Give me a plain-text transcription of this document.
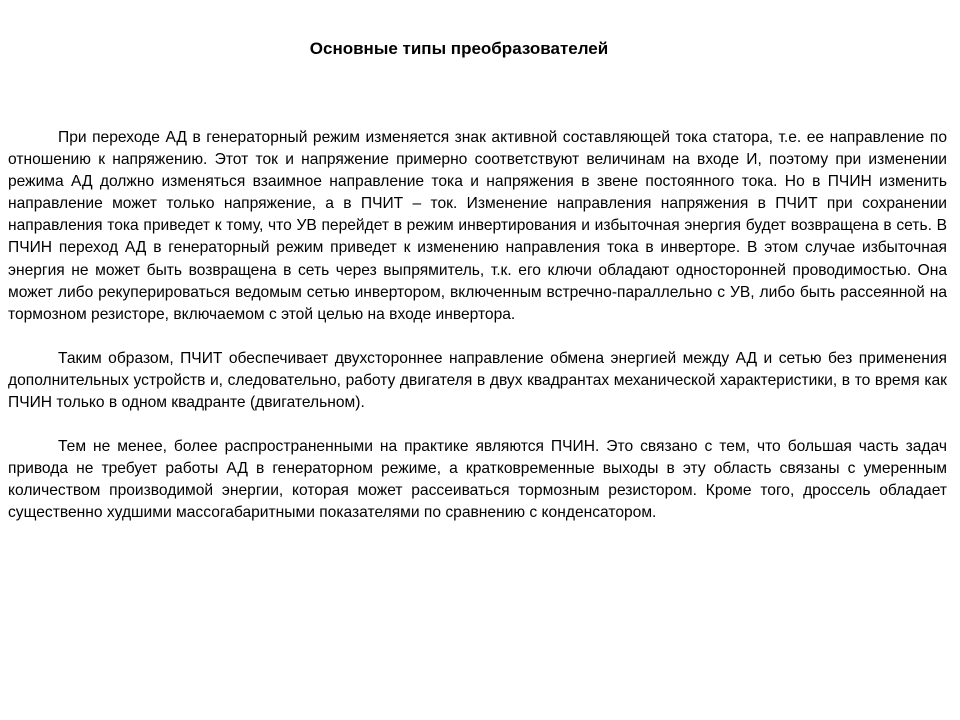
Основные типы преобразователей

При переходе АД в генераторный режим изменяется знак активной составляющей тока статора, т.е. ее направление по отношению к напряжению. Этот ток и напряжение примерно соответствуют величинам на входе И, поэтому при изменении режима АД должно изменяться взаимное направление тока и напряжения в звене постоянного тока. Но в ПЧИН изменить направление может только напряжение, а в ПЧИТ – ток. Изменение направления напряжения в ПЧИТ при сохранении направления тока приведет к тому, что УВ перейдет в режим инвертирования и избыточная энергия будет возвращена в сеть. В ПЧИН переход АД в генераторный режим приведет к изменению направления тока в инверторе. В этом случае избыточная энергия не может быть возвращена в сеть через выпрямитель, т.к. его ключи обладают односторонней проводимостью. Она может либо рекуперироваться ведомым сетью инвертором, включенным встречно-параллельно с УВ, либо быть рассеянной на тормозном резисторе, включаемом с этой целью на входе инвертора.

Таким образом, ПЧИТ обеспечивает двухстороннее направление обмена энергией между АД и сетью без применения дополнительных устройств и, следовательно, работу двигателя в двух квадрантах механической характеристики, в то время как ПЧИН только в одном квадранте (двигательном).

Тем не менее, более распространенными на практике являются ПЧИН. Это связано с тем, что большая часть задач привода не требует работы АД в генераторном режиме, а кратковременные выходы в эту область связаны с умеренным количеством производимой энергии, которая может рассеиваться тормозным резистором. Кроме того, дроссель обладает существенно худшими массогабаритными показателями по сравнению с конденсатором.
